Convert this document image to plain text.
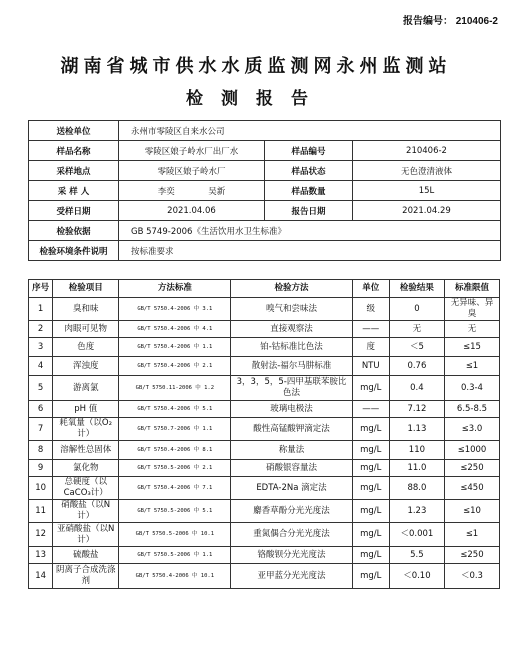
报告编号： 210406-2
湖南省城市供水水质监测网永州监测站
检测报告
送检单位	永州市零陵区自来水公司		
样品名称	零陵区娘子岭水厂出厂水	样品编号	210406-2
采样地点	零陵区娘子岭水厂	样品状态	无色澄清液体
采 样 人	李奕 吴新	样品数量	15L
受样日期	2021.04.06	报告日期	2021.04.29
检验依据	GB 5749-2006《生活饮用水卫生标准》		
检验环境条件说明	按标准要求		
序号	检验项目	方法标准	检验方法	单位	检验结果	标准限值
1	臭和味	GB/T 5750.4-2006 中 3.1	嗅气和尝味法	级	0	无异味、异臭
2	肉眼可见物	GB/T 5750.4-2006 中 4.1	直接观察法	——	无	无
3	色度	GB/T 5750.4-2006 中 1.1	铂-钴标准比色法	度	＜5	≤15
4	浑浊度	GB/T 5750.4-2006 中 2.1	散射法-福尔马肼标准	NTU	0.76	≤1
5	游离氯	GB/T 5750.11-2006 中 1.2	3，3，5，5-四甲基联苯胺比色法	mg/L	0.4	0.3-4
6	pH 值	GB/T 5750.4-2006 中 5.1	玻璃电极法	——	7.12	6.5-8.5
7	耗氧量（以O₂计）	GB/T 5750.7-2006 中 1.1	酸性高锰酸钾滴定法	mg/L	1.13	≤3.0
8	溶解性总固体	GB/T 5750.4-2006 中 8.1	称量法	mg/L	110	≤1000
9	氯化物	GB/T 5750.5-2006 中 2.1	硝酸银容量法	mg/L	11.0	≤250
10	总硬度（以CaCO₃计）	GB/T 5750.4-2006 中 7.1	EDTA-2Na 滴定法	mg/L	88.0	≤450
11	硝酸盐（以N计）	GB/T 5750.5-2006 中 5.1	麝香草酚分光光度法	mg/L	1.23	≤10
12	亚硝酸盐（以N计）	GB/T 5750.5-2006 中 10.1	重氮偶合分光光度法	mg/L	＜0.001	≤1
13	硫酸盐	GB/T 5750.5-2006 中 1.1	铬酸钡分光光度法	mg/L	5.5	≤250
14	阴离子合成洗涤剂	GB/T 5750.4-2006 中 10.1	亚甲蓝分光光度法	mg/L	＜0.10	＜0.3
